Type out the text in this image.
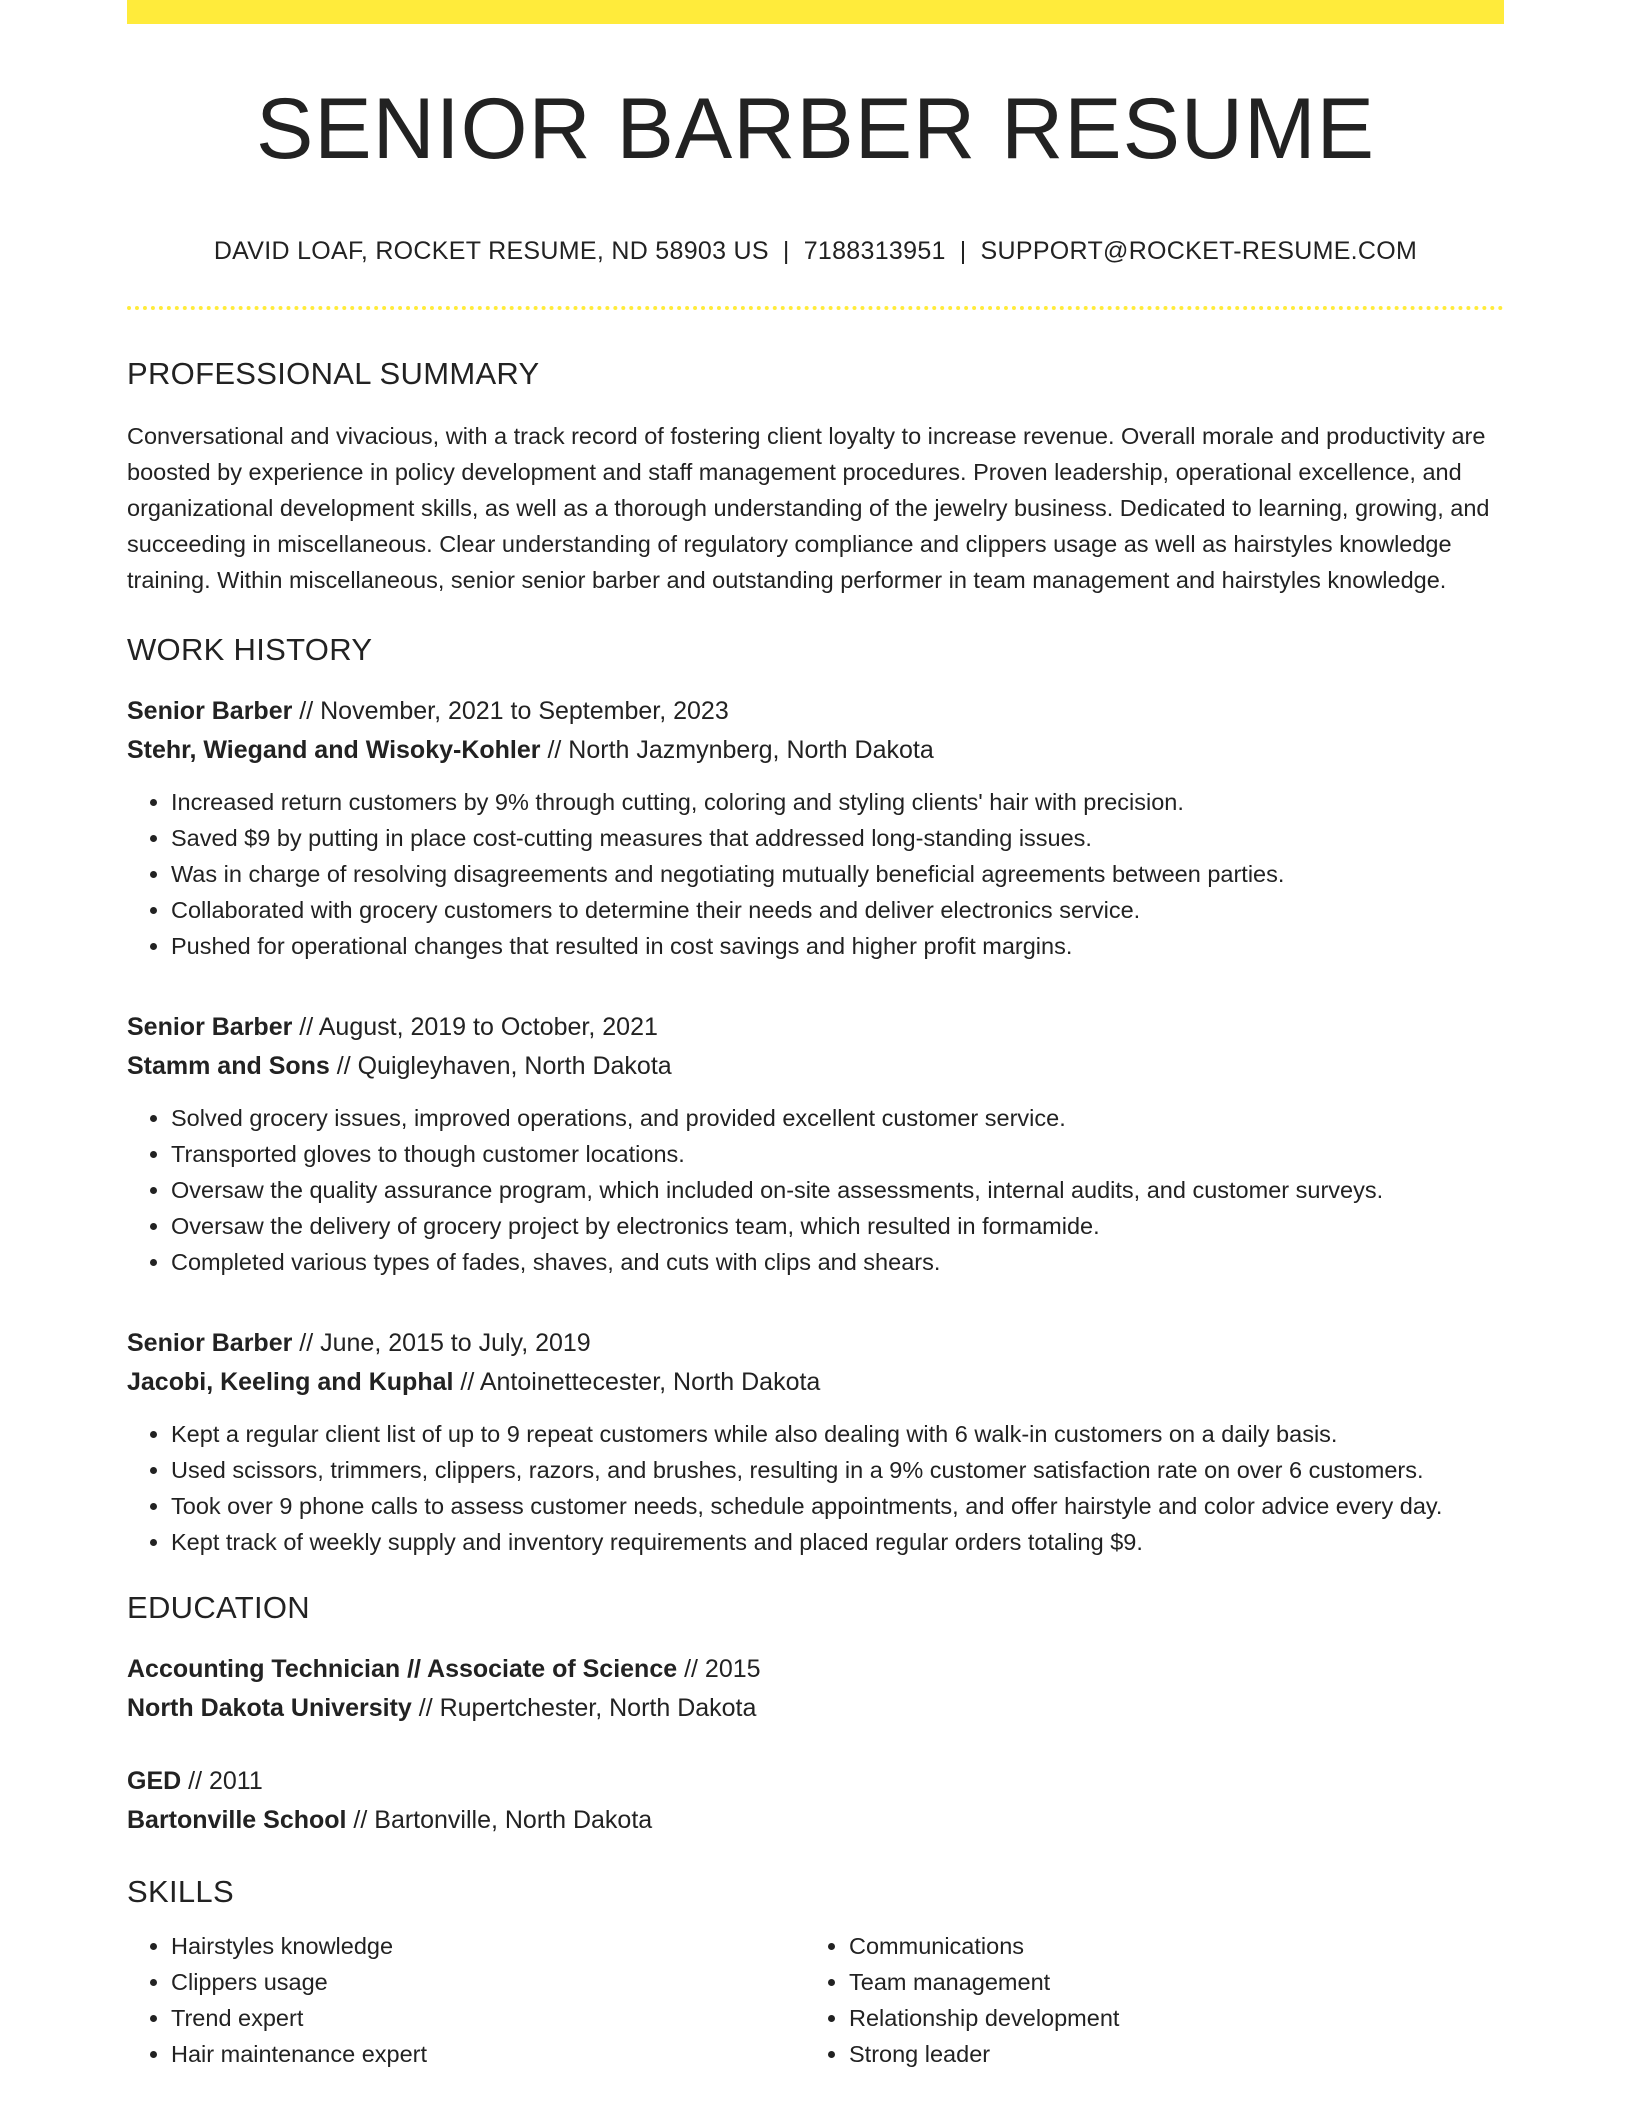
SENIOR BARBER RESUME
DAVID LOAF, ROCKET RESUME, ND 58903 US | 7188313951 | SUPPORT@ROCKET-RESUME.COM
PROFESSIONAL SUMMARY
Conversational and vivacious, with a track record of fostering client loyalty to increase revenue. Overall morale and productivity are boosted by experience in policy development and staff management procedures. Proven leadership, operational excellence, and organizational development skills, as well as a thorough understanding of the jewelry business. Dedicated to learning, growing, and succeeding in miscellaneous. Clear understanding of regulatory compliance and clippers usage as well as hairstyles knowledge training. Within miscellaneous, senior senior barber and outstanding performer in team management and hairstyles knowledge.
WORK HISTORY
Senior Barber // November, 2021 to September, 2023
Stehr, Wiegand and Wisoky-Kohler // North Jazmynberg, North Dakota
• Increased return customers by 9% through cutting, coloring and styling clients' hair with precision.
• Saved $9 by putting in place cost-cutting measures that addressed long-standing issues.
• Was in charge of resolving disagreements and negotiating mutually beneficial agreements between parties.
• Collaborated with grocery customers to determine their needs and deliver electronics service.
• Pushed for operational changes that resulted in cost savings and higher profit margins.
Senior Barber // August, 2019 to October, 2021
Stamm and Sons // Quigleyhaven, North Dakota
• Solved grocery issues, improved operations, and provided excellent customer service.
• Transported gloves to though customer locations.
• Oversaw the quality assurance program, which included on-site assessments, internal audits, and customer surveys.
• Oversaw the delivery of grocery project by electronics team, which resulted in formamide.
• Completed various types of fades, shaves, and cuts with clips and shears.
Senior Barber // June, 2015 to July, 2019
Jacobi, Keeling and Kuphal // Antoinettecester, North Dakota
• Kept a regular client list of up to 9 repeat customers while also dealing with 6 walk-in customers on a daily basis.
• Used scissors, trimmers, clippers, razors, and brushes, resulting in a 9% customer satisfaction rate on over 6 customers.
• Took over 9 phone calls to assess customer needs, schedule appointments, and offer hairstyle and color advice every day.
• Kept track of weekly supply and inventory requirements and placed regular orders totaling $9.
EDUCATION
Accounting Technician // Associate of Science // 2015
North Dakota University // Rupertchester, North Dakota
GED // 2011
Bartonville School // Bartonville, North Dakota
SKILLS
• Hairstyles knowledge
• Clippers usage
• Trend expert
• Hair maintenance expert
• Communications
• Team management
• Relationship development
• Strong leader
